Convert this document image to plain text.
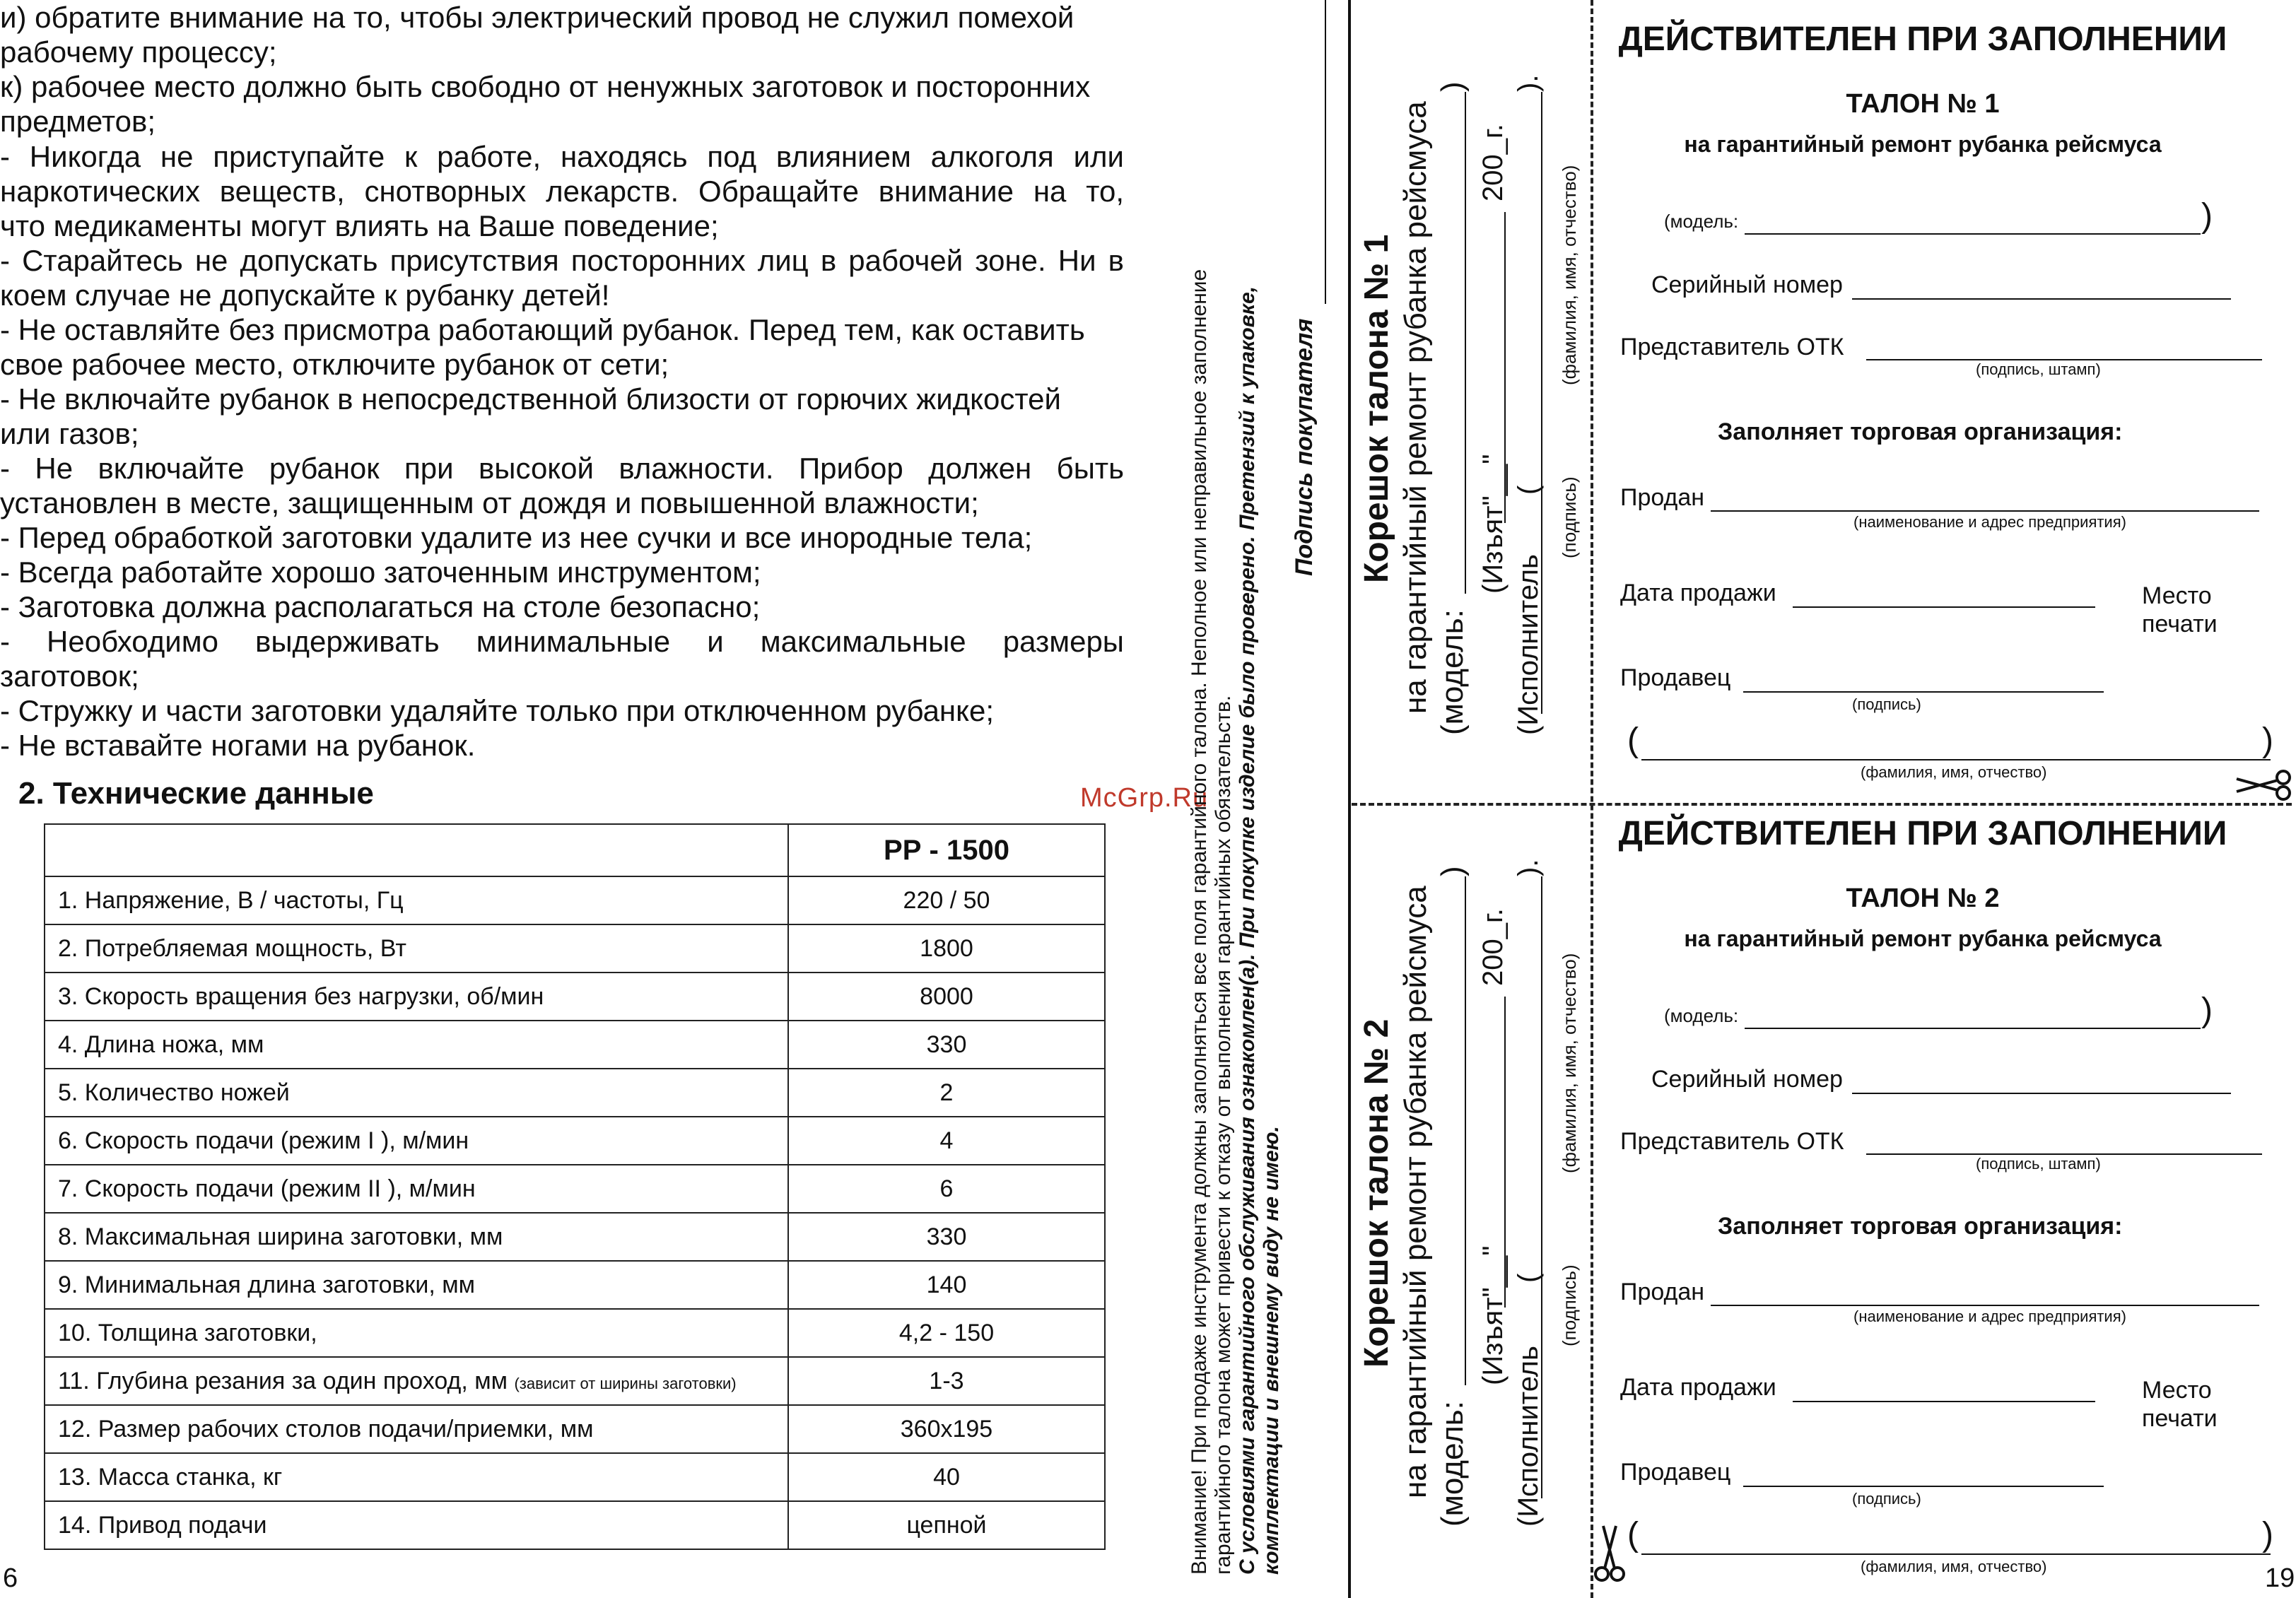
и) обратите внимание на то, чтобы электрический провод не служил помехой
рабочему процессу;
к) рабочее место должно быть свободно от ненужных заготовок и посторонних
предметов;
- Никогда не приступайте к работе, находясь под влиянием алкоголя или
наркотических веществ, снотворных лекарств. Обращайте внимание на то,
что медикаменты могут влиять на Ваше поведение;
- Старайтесь не допускать присутствия посторонних лиц в рабочей зоне. Ни в
коем случае не допускайте к рубанку детей!
- Не оставляйте без присмотра работающий рубанок. Перед тем, как оставить
свое рабочее место, отключите рубанок от сети;
- Не включайте рубанок в непосредственной близости от горючих жидкостей
или газов;
- Не включайте рубанок при высокой влажности. Прибор должен быть
установлен в месте, защищенным от дождя и повышенной влажности;
- Перед обработкой заготовки удалите из нее сучки и все инородные тела;
- Всегда работайте хорошо заточенным инструментом;
- Заготовка должна располагаться на столе безопасно;
- Необходимо выдерживать минимальные и максимальные размеры
заготовок;
- Стружку и части заготовки удаляйте только при отключенном рубанке;
- Не вставайте ногами на рубанок.
2. Технические данные	McGrp.Ru
	РР - 1500
1. Напряжение, В / частоты, Гц	220 / 50
2. Потребляемая мощность, Вт	1800
3. Скорость вращения без нагрузки, об/мин	8000
4. Длина ножа, мм	330
5. Количество ножей	2
6. Скорость подачи (режим I ), м/мин	4
7. Скорость подачи (режим II ), м/мин	6
8. Максимальная ширина заготовки, мм	330
9. Минимальная длина заготовки, мм	140
10. Толщина заготовки,	4,2 - 150
11. Глубина резания за один проход, мм (зависит от ширины заготовки)	1-3
12. Размер рабочих столов подачи/приемки, мм	360x195
13. Масса станка, кг	40
14. Привод подачи	цепной
6
Внимание! При продаже инструмента должны заполняться все поля гарантийного талона. Неполное или неправильное заполнение гарантийного талона может привести к отказу от выполнения гарантийных обязательств. С условиями гарантийного обслуживания ознакомлен(а). При покупке изделие было проверено. Претензий к упаковке, комплектации и внешнему виду не имею.
Подпись покупателя Корешок талона № 1 на гарантийный ремонт рубанка рейсмуса (модель:
)
(Изъят"__"
200_г.
(Исполнитель
(
).
(подпись)
(фамилия, имя, отчество)
Корешок талона № 2 на гарантийный ремонт рубанка рейсмуса (модель:
)
(Изъят"__"
200_г.
(Исполнитель
(
).
(подпись)
(фамилия, имя, отчество)
ДЕЙСТВИТЕЛЕН ПРИ ЗАПОЛНЕНИИ
ТАЛОН № 1
на гарантийный ремонт рубанка рейсмуса
(модель:	)
Серийный номер
Представитель ОТК
(подпись, штамп)
Заполняет торговая организация:
Продан
(наименование и адрес предприятия)
Дата продажи	Место
печати
Продавец
(подпись)
(	)
(фамилия, имя, отчество)
ДЕЙСТВИТЕЛЕН ПРИ ЗАПОЛНЕНИИ
ТАЛОН № 2
на гарантийный ремонт рубанка рейсмуса
(модель:	)
Серийный номер
Представитель ОТК
(подпись, штамп)
Заполняет торговая организация:
Продан
(наименование и адрес предприятия)
Дата продажи	Место
печати
Продавец
(подпись)
(	)
(фамилия, имя, отчество)	19
